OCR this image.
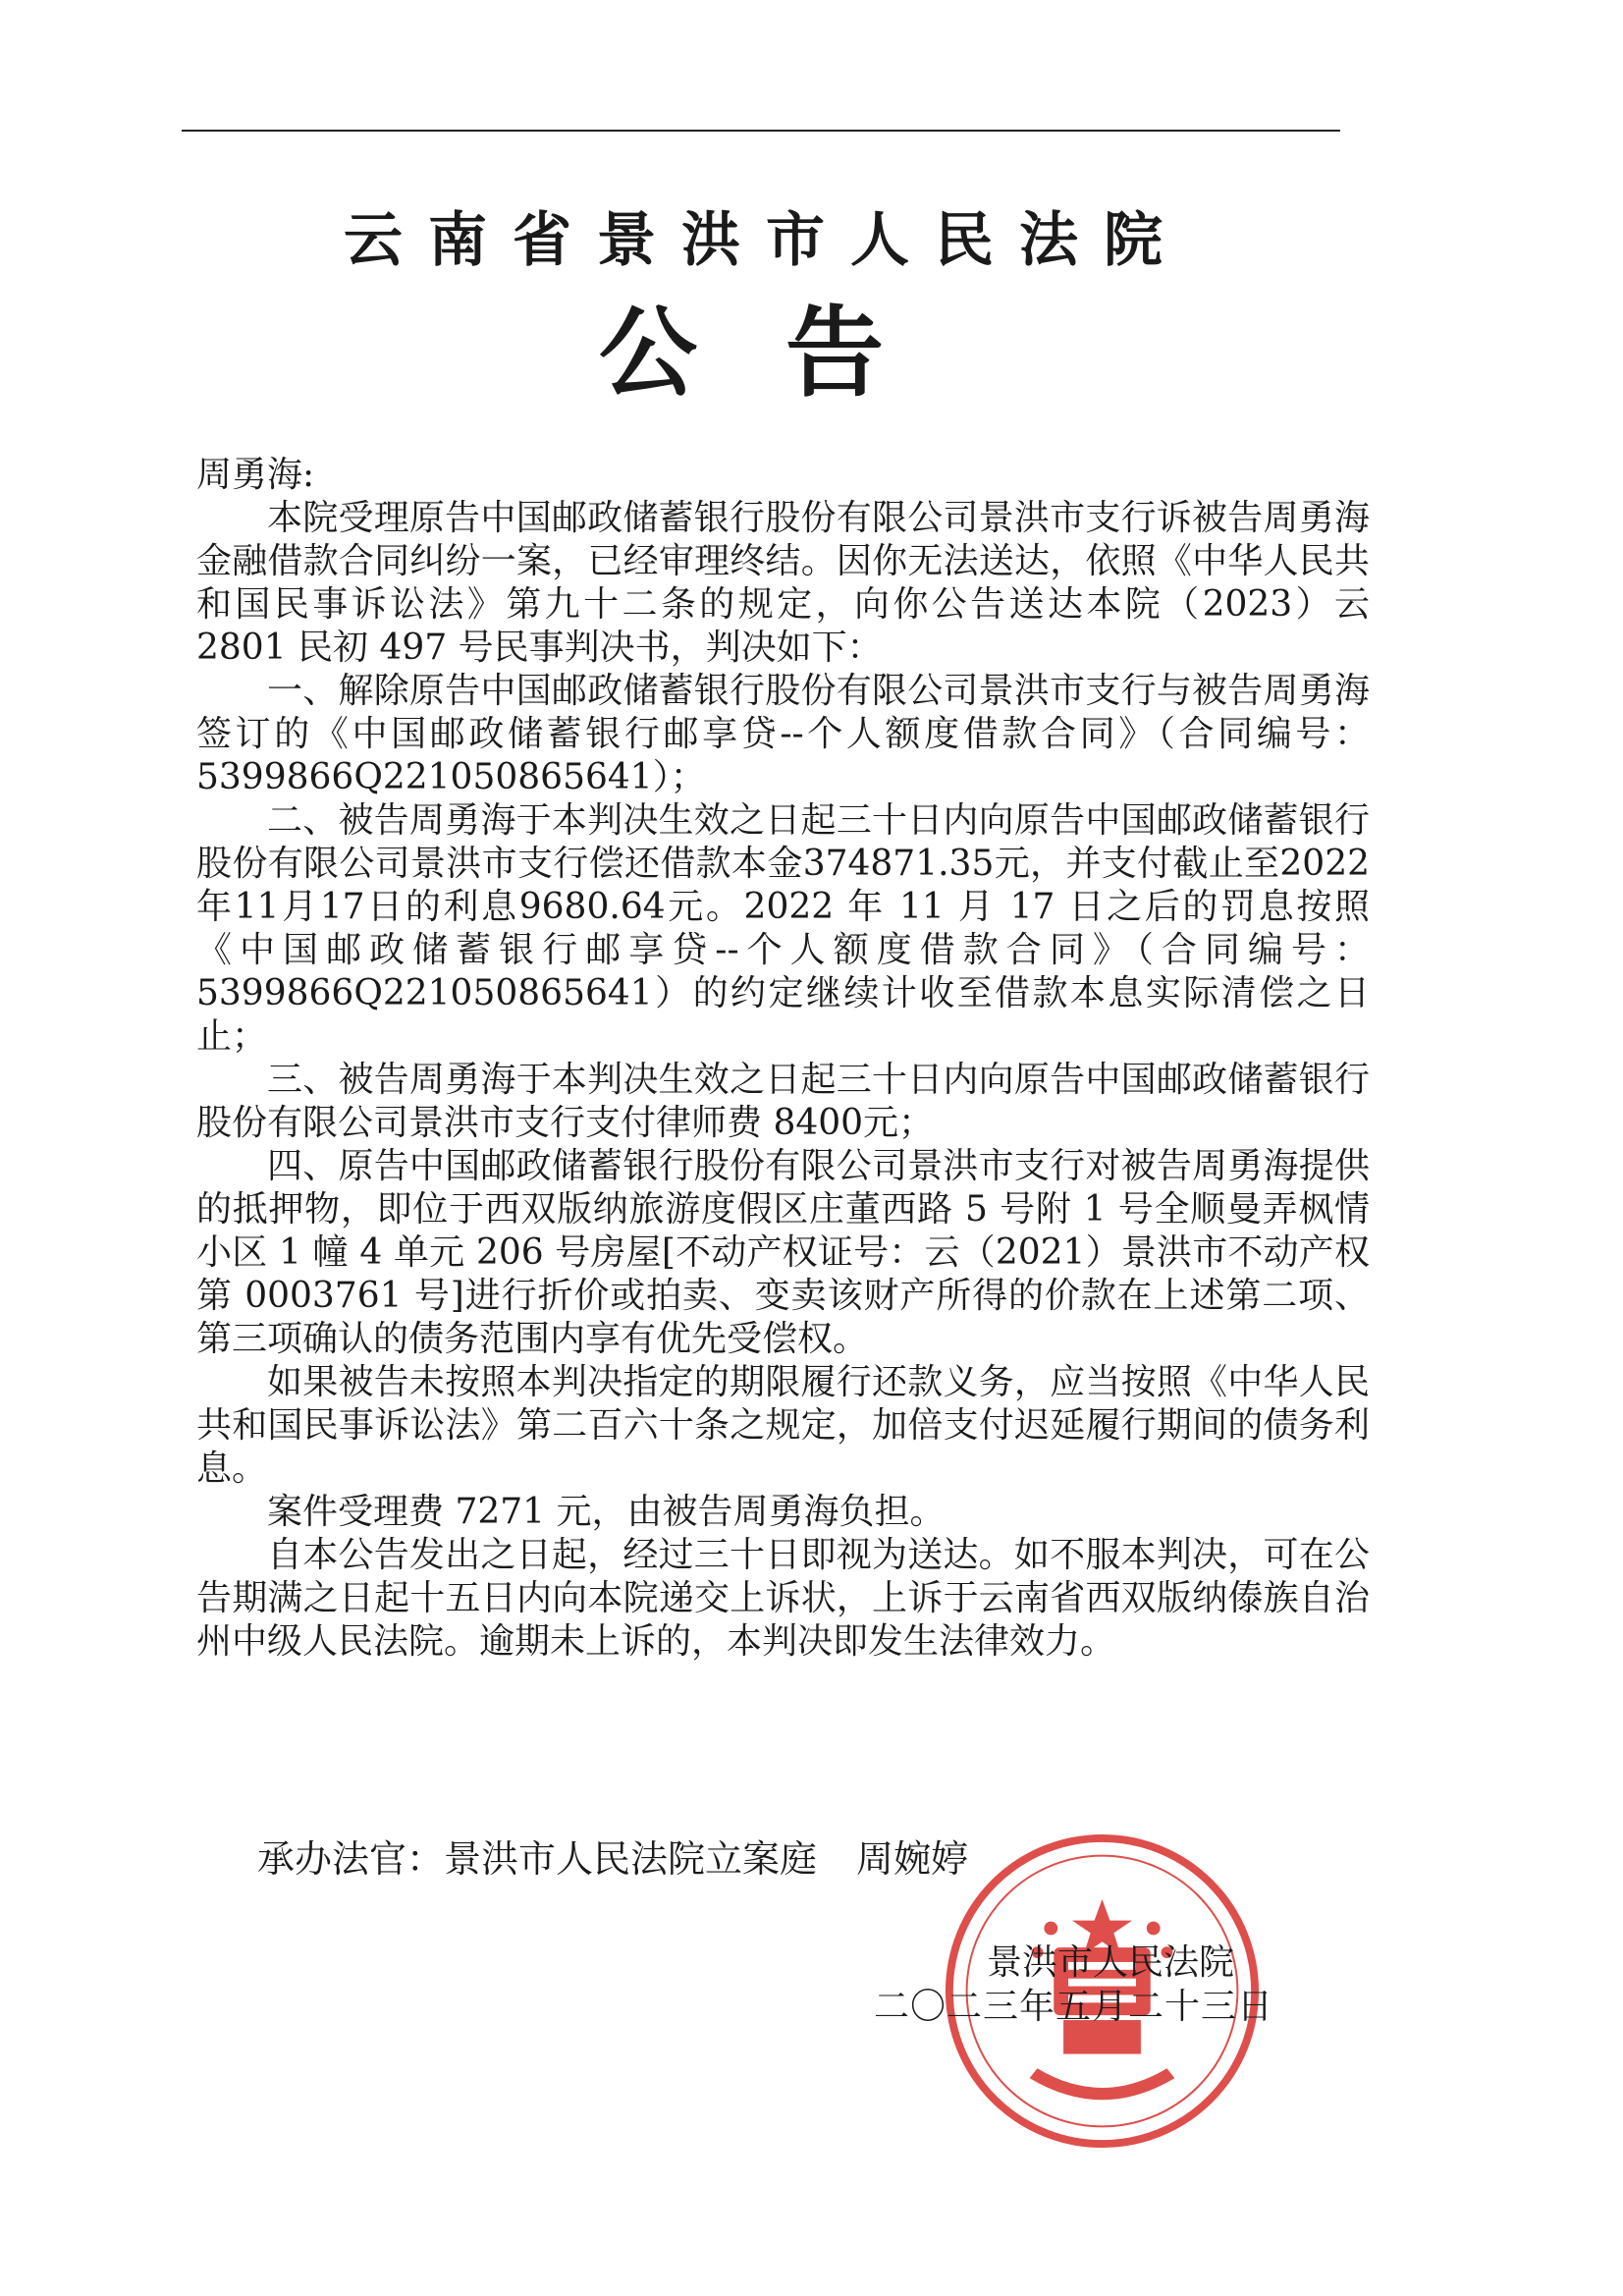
云南省景洪市人民法院
公告

周勇海:

本院受理原告中国邮政储蓄银行股份有限公司景洪市支行诉被告周勇海金融借款合同纠纷一案，已经审理终结。因你无法送达，依照《中华人民共和国民事诉讼法》第九十二条的规定，向你公告送达本院（2023）云 2801 民初 497 号民事判决书，判决如下：

一、解除原告中国邮政储蓄银行股份有限公司景洪市支行与被告周勇海签订的《中国邮政储蓄银行邮享贷--个人额度借款合同》（合同编号：5399866Q221050865641）；

二、被告周勇海于本判决生效之日起三十日内向原告中国邮政储蓄银行股份有限公司景洪市支行偿还借款本金374871.35元，并支付截止至2022年11月17日的利息9680.64元。2022 年 11 月 17 日之后的罚息按照《中国邮政储蓄银行邮享贷--个人额度借款合同》（合同编号：5399866Q221050865641）的约定继续计收至借款本息实际清偿之日止；

三、被告周勇海于本判决生效之日起三十日内向原告中国邮政储蓄银行股份有限公司景洪市支行支付律师费 8400元；

四、原告中国邮政储蓄银行股份有限公司景洪市支行对被告周勇海提供的抵押物，即位于西双版纳旅游度假区庄董西路 5 号附 1 号全顺曼弄枫情小区 1 幢 4 单元 206 号房屋[不动产权证号：云（2021）景洪市不动产权第 0003761 号]进行折价或拍卖、变卖该财产所得的价款在上述第二项、第三项确认的债务范围内享有优先受偿权。

如果被告未按照本判决指定的期限履行还款义务，应当按照《中华人民共和国民事诉讼法》第二百六十条之规定，加倍支付迟延履行期间的债务利息。

案件受理费 7271 元，由被告周勇海负担。

自本公告发出之日起，经过三十日即视为送达。如不服本判决，可在公告期满之日起十五日内向本院递交上诉状，上诉于云南省西双版纳傣族自治州中级人民法院。逾期未上诉的，本判决即发生法律效力。

承办法官：景洪市人民法院立案庭 周婉婷
景洪市人民法院
二〇二三年五月二十三日
